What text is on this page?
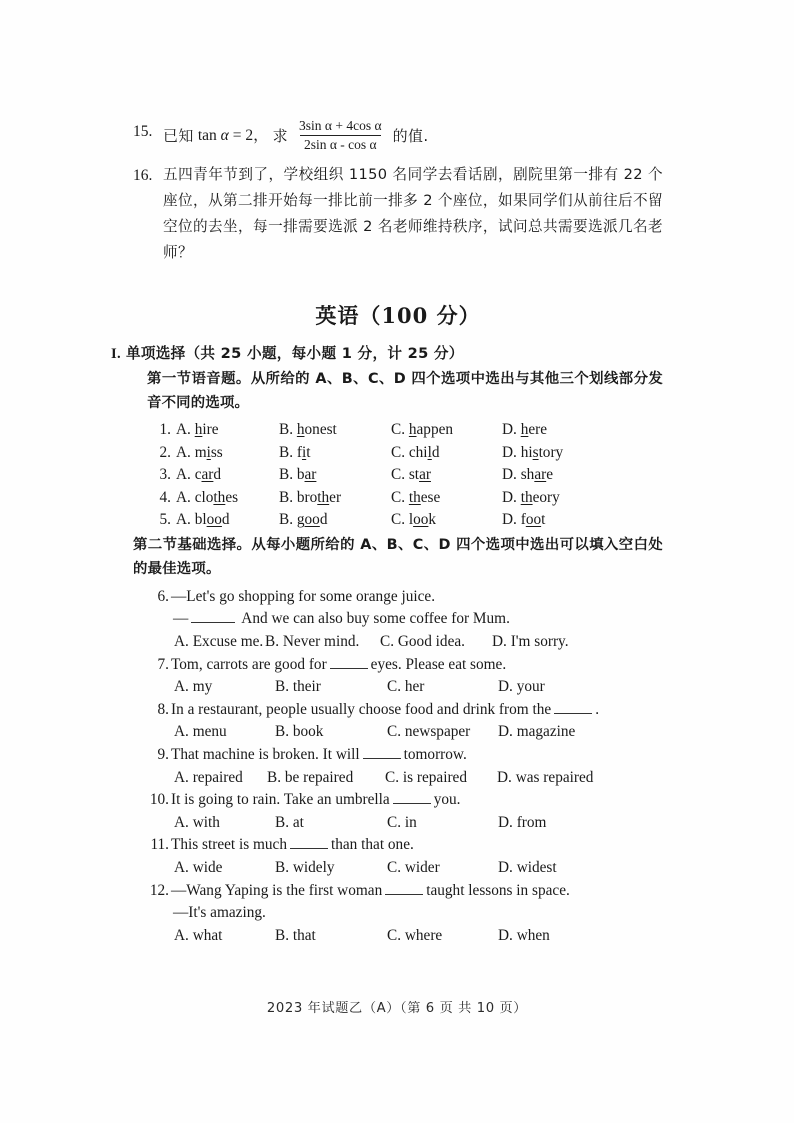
15. 已知 tan α = 2， 求 $\frac{\text{3sin α + 4cos α}}{\text{2sin α - cos α}}$ 的值.
16. 五四青年节到了，学校组织 1150 名同学去看话剧，剧院里第一排有 22 个座位，从第二排开始每一排比前一排多 2 个座位，如果同学们从前往后不留空位的去坐，每一排需要选派 2 名老师维持秩序，试问总共需要选派几名老师？
英语（100 分）
I. 单项选择（共 25 小题，每小题 1 分，计 25 分）
第一节语音题。从所给的 A、B、C、D 四个选项中选出与其他三个划线部分发音不同的选项。
1. A. hire	B. honest	C. happen	D. here
2. A. miss	B. fit	C. child	D. history
3. A. card	B. bar	C. star	D. share
4. A. clothes	B. brother	C. these	D. theory
5. A. blood	B. good	C. look	D. foot
第二节基础选择。从每小题所给的 A、B、C、D 四个选项中选出可以填入空白处的最佳选项。
6. —Let's go shopping for some orange juice.
—	And we can also buy some coffee for Mum.
A. Excuse me. B. Never mind. C. Good idea. D. I'm sorry.
7. Tom, carrots are good for	eyes. Please eat some.
A. my	B. their	C. her	D. your
8. In a restaurant, people usually choose food and drink from the	.
A. menu	B. book	C. newspaper D. magazine
9. That machine is broken. It will	tomorrow.
A. repaired B. be repaired C. is repaired D. was repaired
10. It is going to rain. Take an umbrella	you.
A. with	B. at	C. in	D. from
11. This street is much	than that one.
A. wide	B. widely	C. wider	D. widest
12. —Wang Yaping is the first woman	taught lessons in space.
—It's amazing.
A. what	B. that	C. where	D. when
2023 年试题乙（A）（第 6 页 共 10 页）
